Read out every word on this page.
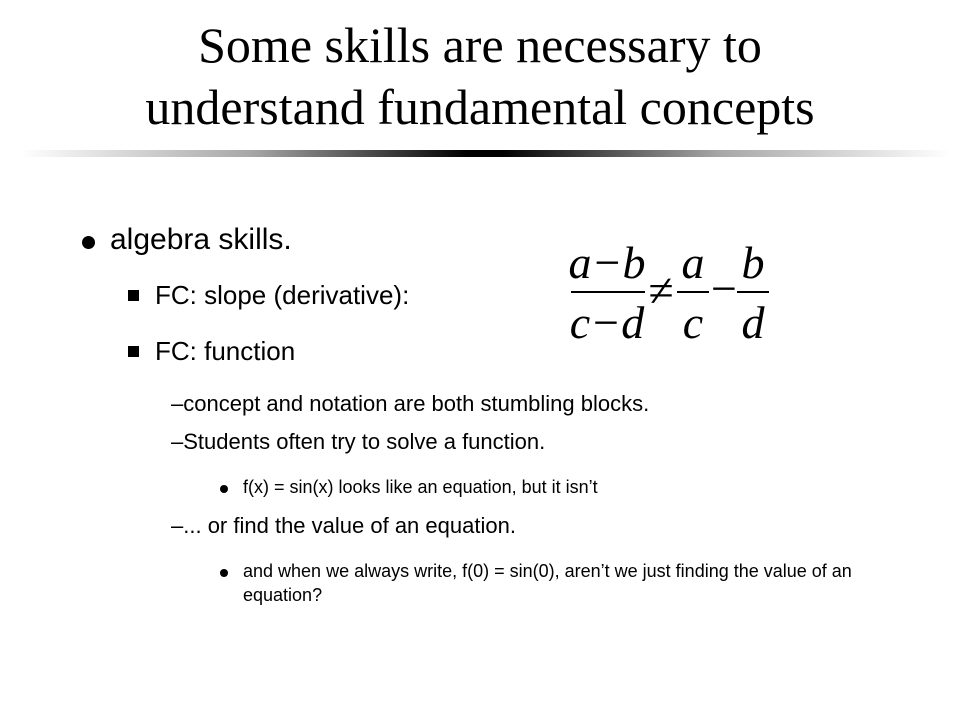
Some skills are necessary to
understand fundamental concepts
algebra skills.
FC: slope (derivative):
FC: function
–concept and notation are both stumbling blocks.
–Students often try to solve a function.
f(x) = sin(x) looks like an equation, but it isn’t
–... or find the value of an equation.
and when we always write, f(0) = sin(0), aren’t we just finding the value of an equation?
a−b
c−d
≠
a
c
−
b
d
